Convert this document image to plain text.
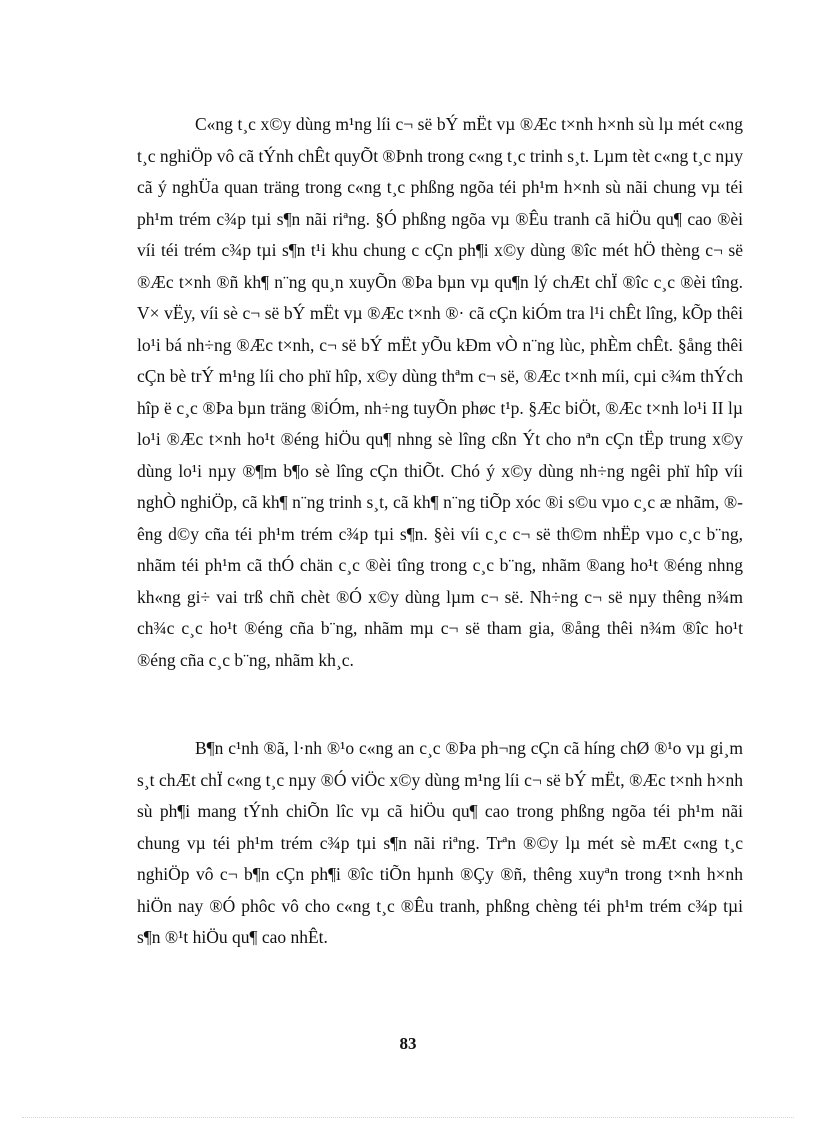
C«ng t¸c x©y dùng m¹ng líi c¬ së bÝ mËt vµ ®Æc t×nh h×nh sù lµ mét c«ng t¸c nghiÖp vô cã tÝnh chÊt quyÕt ®Þnh trong c«ng t¸c trinh s¸t. Lµm tèt c«ng t¸c nµy cã ý nghÜa quan träng trong c«ng t¸c phßng ngõa téi ph¹m h×nh sù nãi chung vµ téi ph¹m trém c¾p tµi s¶n nãi riªng. §Ó phßng ngõa vµ ®Êu tranh cã hiÖu qu¶ cao ®èi víi téi trém c¾p tµi s¶n t¹i khu chung c cÇn ph¶i x©y dùng ®îc mét hÖ thèng c¬ së ®Æc t×nh ®ñ kh¶ n¨ng qu¸n xuyÕn ®Þa bµn vµ qu¶n lý chÆt chÏ ®îc c¸c ®èi tîng. V× vËy, víi sè c¬ së bÝ mËt vµ ®Æc t×nh ®· cã cÇn kiÓm tra l¹i chÊt lîng, kÕp thêi lo¹i bá nh÷ng ®Æc t×nh, c¬ së bÝ mËt yÕu kÐm vÒ n¨ng lùc, phÈm chÊt. §ång thêi cÇn bè trÝ m¹ng líi cho phï hîp, x©y dùng thªm c¬ së, ®Æc t×nh míi, cµi c¾m thÝch hîp ë c¸c ®Þa bµn träng ®iÓm, nh÷ng tuyÕn phøc t¹p. §Æc biÖt, ®Æc t×nh lo¹i II lµ lo¹i ®Æc t×nh ho¹t ®éng hiÖu qu¶ nhng sè lîng cßn Ýt cho nªn cÇn tËp trung x©y dùng lo¹i nµy ®¶m b¶o sè lîng cÇn thiÕt. Chó ý x©y dùng nh÷ng ngêi phï hîp víi nghÒ nghiÖp, cã kh¶ n¨ng trinh s¸t, cã kh¶ n¨ng tiÕp xóc ®i s©u vµo c¸c æ nhãm, ®êng d©y cña téi ph¹m trém c¾p tµi s¶n. §èi víi c¸c c¬ së th©m nhËp vµo c¸c b¨ng, nhãm téi ph¹m cã thÓ chän c¸c ®èi tîng trong c¸c b¨ng, nhãm ®ang ho¹t ®éng nhng kh«ng gi÷ vai trß chñ chèt ®Ó x©y dùng lµm c¬ së. Nh÷ng c¬ së nµy thêng n¾m ch¾c c¸c ho¹t ®éng cña b¨ng, nhãm mµ c¬ së tham gia, ®ång thêi n¾m ®îc ho¹t ®éng cña c¸c b¨ng, nhãm kh¸c.

B¶n c¹nh ®ã, l·nh ®¹o c«ng an c¸c ®Þa ph¬ng cÇn cã híng chØ ®¹o vµ gi¸m s¸t chÆt chÏ c«ng t¸c nµy ®Ó viÖc x©y dùng m¹ng líi c¬ së bÝ mËt, ®Æc t×nh h×nh sù ph¶i mang tÝnh chiÕn lîc vµ cã hiÖu qu¶ cao trong phßng ngõa téi ph¹m nãi chung vµ téi ph¹m trém c¾p tµi s¶n nãi riªng. Trªn ®©y lµ mét sè mÆt c«ng t¸c nghiÖp vô c¬ b¶n cÇn ph¶i ®îc tiÕn hµnh ®Çy ®ñ, thêng xuyªn trong t×nh h×nh hiÖn nay ®Ó phôc vô cho c«ng t¸c ®Êu tranh, phßng chèng téi ph¹m trém c¾p tµi s¶n ®¹t hiÖu qu¶ cao nhÊt.

83
